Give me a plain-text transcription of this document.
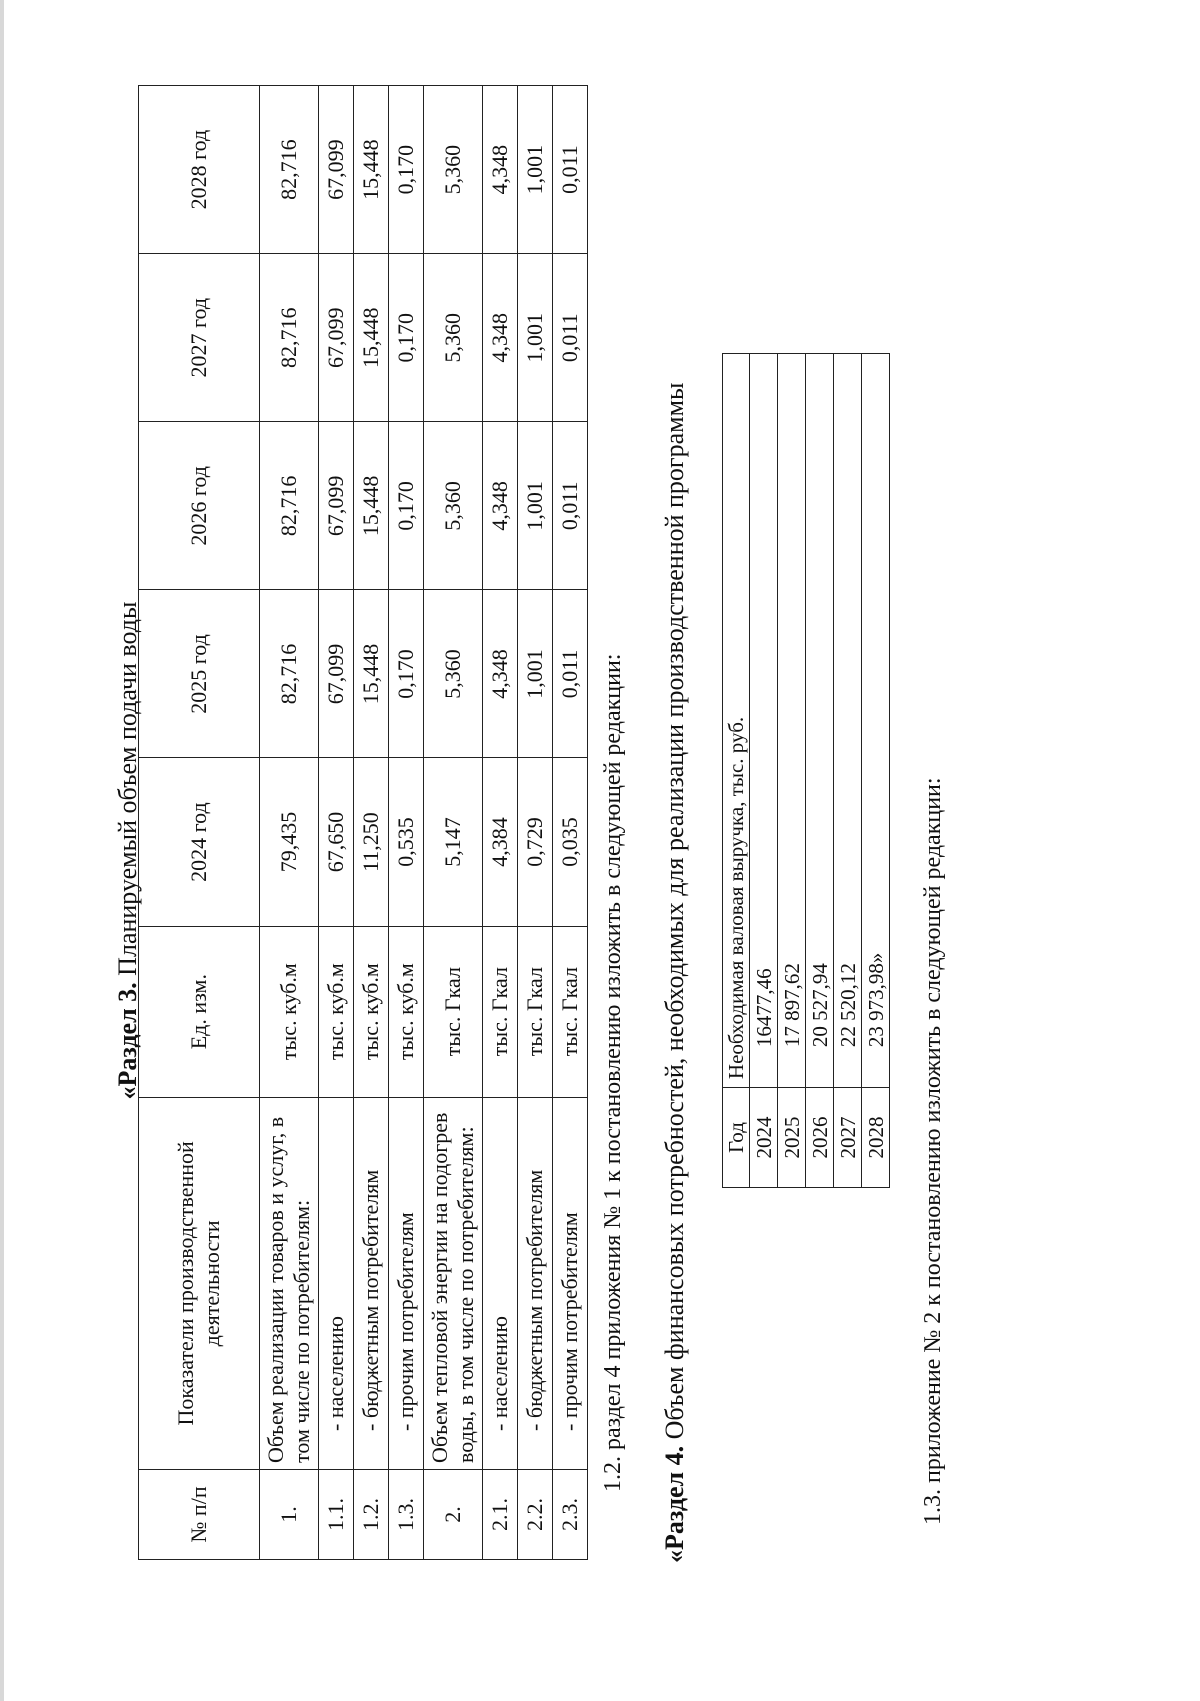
«Раздел 3. Планируемый объем подачи воды
№ п/п	Показатели производственной деятельности	Ед. изм.	2024 год	2025 год	2026 год	2027 год	2028 год
1.	Объем реализации товаров и услуг, в том числе по потребителям:	тыс. куб.м	79,435	82,716	82,716	82,716	82,716
1.1.	- населению	тыс. куб.м	67,650	67,099	67,099	67,099	67,099
1.2.	- бюджетным потребителям	тыс. куб.м	11,250	15,448	15,448	15,448	15,448
1.3.	- прочим потребителям	тыс. куб.м	0,535	0,170	0,170	0,170	0,170
2.	Объем тепловой энергии на подогрев воды, в том числе по потребителям:	тыс. Гкал	5,147	5,360	5,360	5,360	5,360
2.1.	- населению	тыс. Гкал	4,384	4,348	4,348	4,348	4,348
2.2.	- бюджетным потребителям	тыс. Гкал	0,729	1,001	1,001	1,001	1,001
2.3.	- прочим потребителям	тыс. Гкал	0,035	0,011	0,011	0,011	0,011
1.2. раздел 4 приложения № 1 к постановлению изложить в следующей редакции:
«Раздел 4. Объем финансовых потребностей, необходимых для реализации производственной программы Год	Необходимая валовая выручка, тыс. руб.
2024	16477,46
2025	17 897,62
2026	20 527,94
2027	22 520,12
2028	23 973,98» 1.3. приложение № 2 к постановлению изложить в следующей редакции:
